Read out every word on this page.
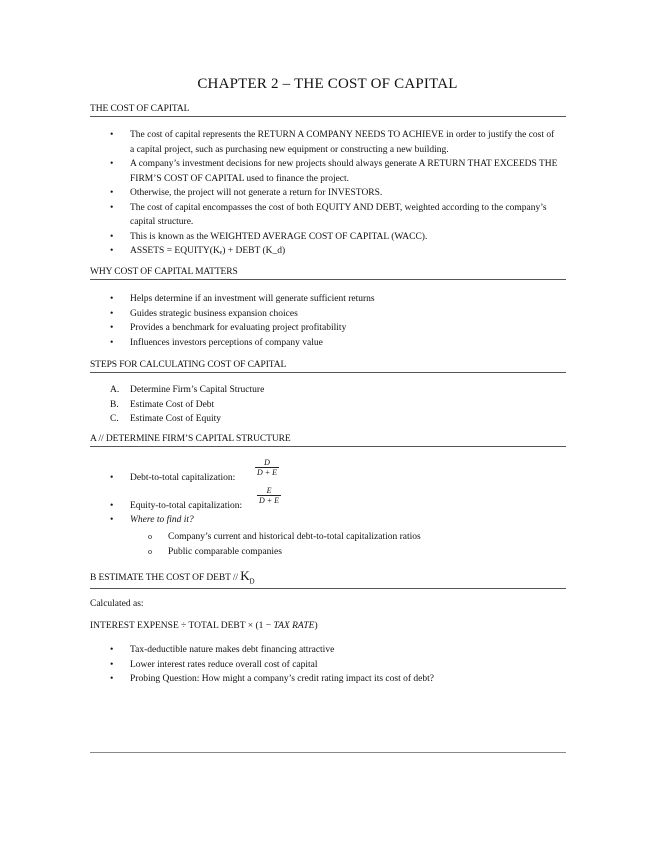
CHAPTER 2 – THE COST OF CAPITAL
THE COST OF CAPITAL
•	The cost of capital represents the RETURN A COMPANY NEEDS TO ACHIEVE in order to justify the cost of a capital project, such as purchasing new equipment or constructing a new building.
•	A company’s investment decisions for new projects should always generate A RETURN THAT EXCEEDS THE FIRM’S COST OF CAPITAL used to finance the project.
•	Otherwise, the project will not generate a return for INVESTORS.
•	The cost of capital encompasses the cost of both EQUITY AND DEBT, weighted according to the company’s capital structure.
•	This is known as the WEIGHTED AVERAGE COST OF CAPITAL (WACC).
•	ASSETS = EQUITY(Kₑ) + DEBT (K_d)
WHY COST OF CAPITAL MATTERS
•	Helps determine if an investment will generate sufficient returns
•	Guides strategic business expansion choices
•	Provides a benchmark for evaluating project profitability
•	Influences investors perceptions of company value
STEPS FOR CALCULATING COST OF CAPITAL
A.	Determine Firm’s Capital Structure
B.	Estimate Cost of Debt
C.	Estimate Cost of Equity
A // DETERMINE FIRM’S CAPITAL STRUCTURE
• Debt-to-total capitalization:
$\frac{D}{D + E}$
• Equity-to-total capitalization:
$\frac{E}{D + E}$
• Where to find it?
o	Company’s current and historical debt-to-total capitalization ratios
o	Public comparable companies
B ESTIMATE THE COST OF DEBT // $K_D$
Calculated as:
INTEREST EXPENSE ÷ TOTAL DEBT × (1 − TAX RATE)
•	Tax-deductible nature makes debt financing attractive
•	Lower interest rates reduce overall cost of capital
•	Probing Question: How might a company’s credit rating impact its cost of debt?
